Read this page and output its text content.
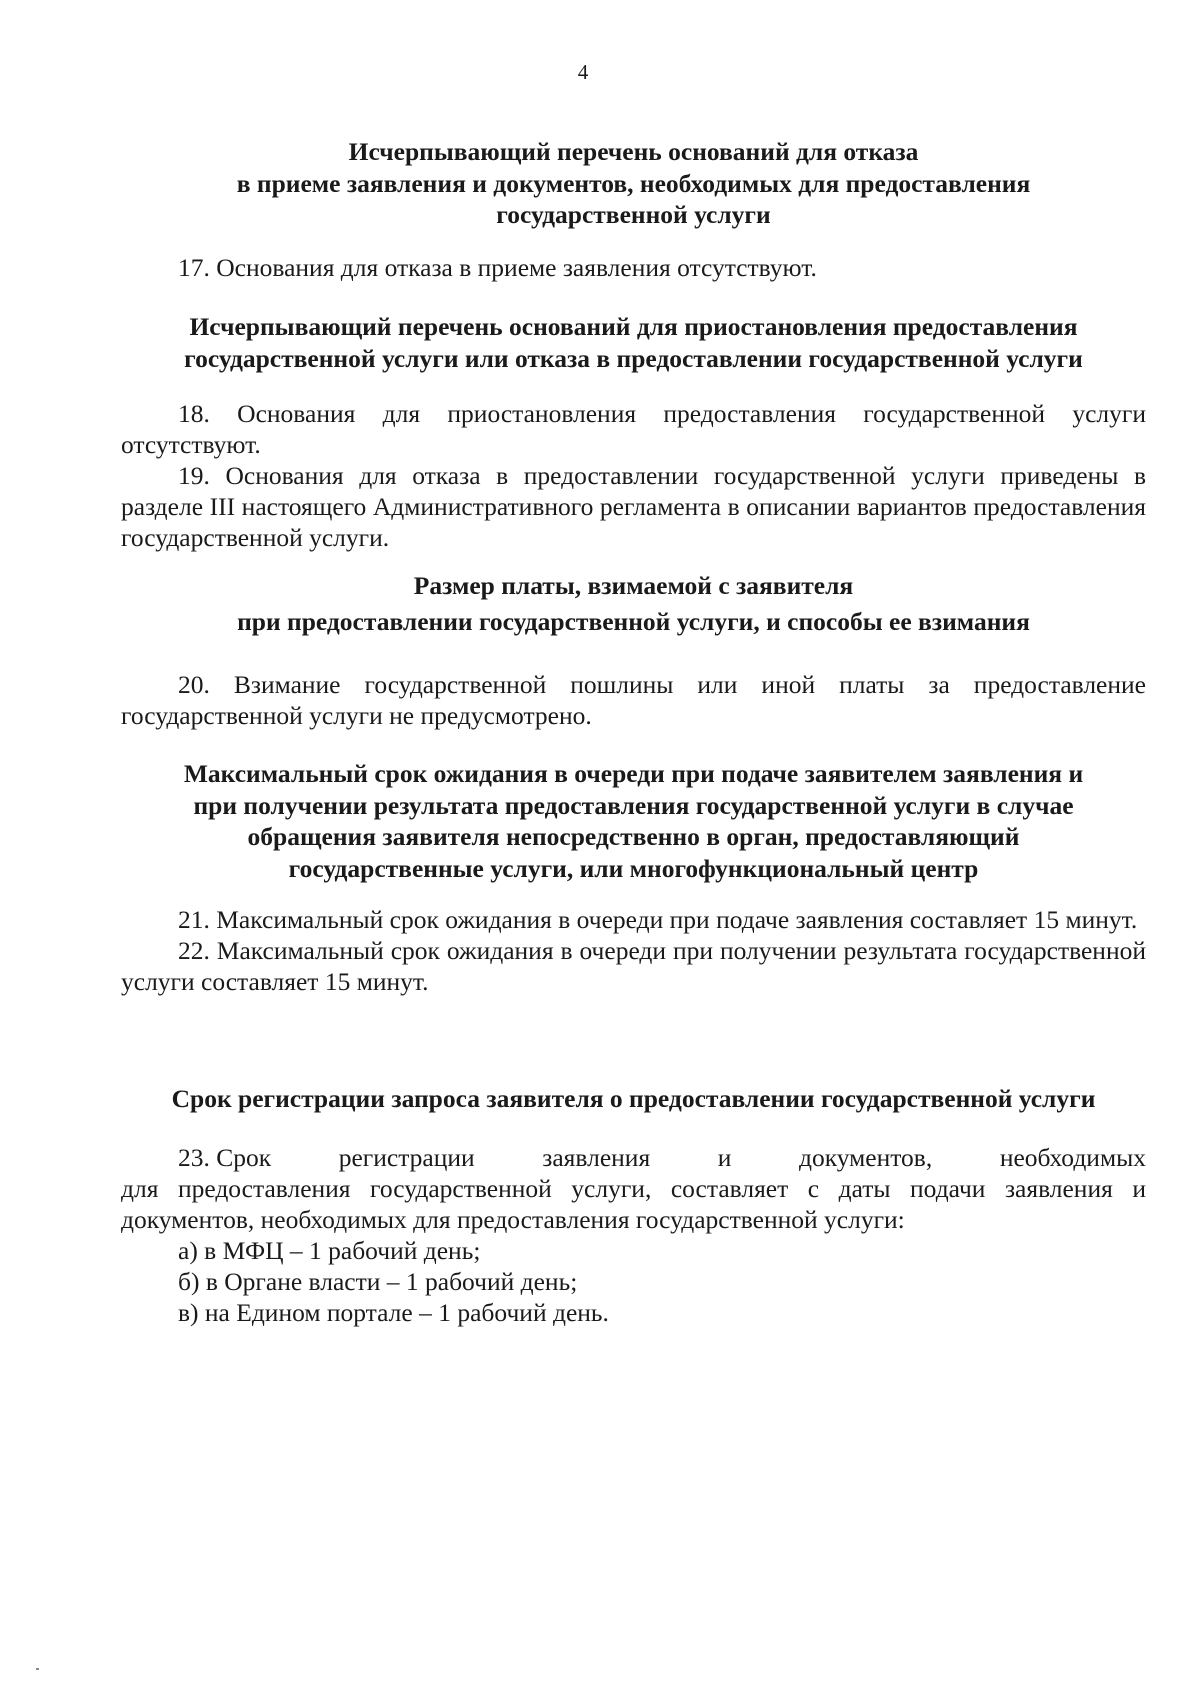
4
Исчерпывающий перечень оснований для отказа
в приеме заявления и документов, необходимых для предоставления
государственной услуги

17. Основания для отказа в приеме заявления отсутствуют.

Исчерпывающий перечень оснований для приостановления предоставления
государственной услуги или отказа в предоставлении государственной услуги

18. Основания для приостановления предоставления государственной услуги отсутствуют.

19. Основания для отказа в предоставлении государственной услуги приведены в разделе III настоящего Административного регламента в описании вариантов предоставления государственной услуги.

Размер платы, взимаемой с заявителя
при предоставлении государственной услуги, и способы ее взимания

20. Взимание государственной пошлины или иной платы за предоставление государственной услуги не предусмотрено.

Максимальный срок ожидания в очереди при подаче заявителем заявления и
при получении результата предоставления государственной услуги в случае
обращения заявителя непосредственно в орган, предоставляющий
государственные услуги, или многофункциональный центр

21. Максимальный срок ожидания в очереди при подаче заявления составляет 15 минут.

22. Максимальный срок ожидания в очереди при получении результата государственной услуги составляет 15 минут.

Срок регистрации запроса заявителя о предоставлении государственной услуги
23. Срок	регистрации	заявления	и	документов,	необходимых

для предоставления государственной услуги, составляет с даты подачи заявления и документов, необходимых для предоставления государственной услуги:

а) в МФЦ – 1 рабочий день;

б) в Органе власти – 1 рабочий день;

в) на Едином портале – 1 рабочий день.
